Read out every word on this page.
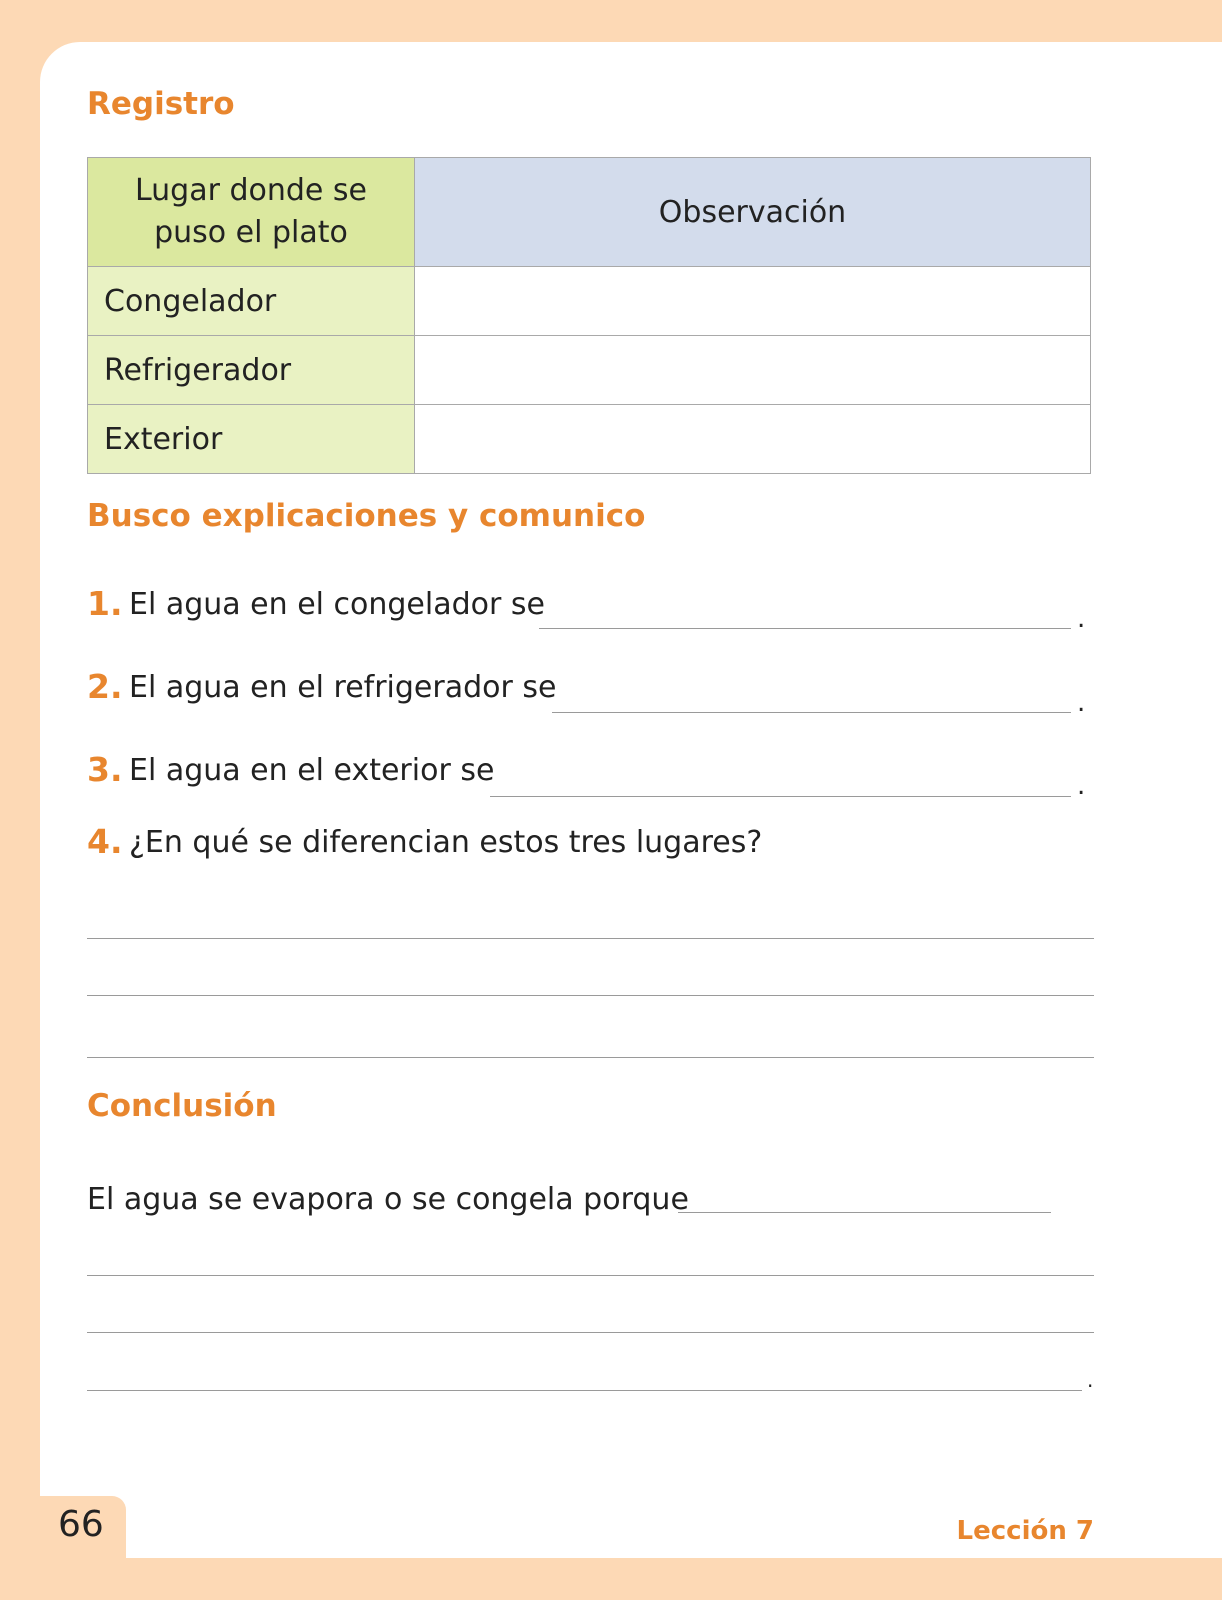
Registro
Lugar donde se puso el plato	Observación
Congelador	
Refrigerador	
Exterior	
Busco explicaciones y comunico
1. El agua en el congelador se	.
2. El agua en el refrigerador se	.
3. El agua en el exterior se	.
4. ¿En qué se diferencian estos tres lugares?
Conclusión
El agua se evapora o se congela porque
.
66	Lección 7
